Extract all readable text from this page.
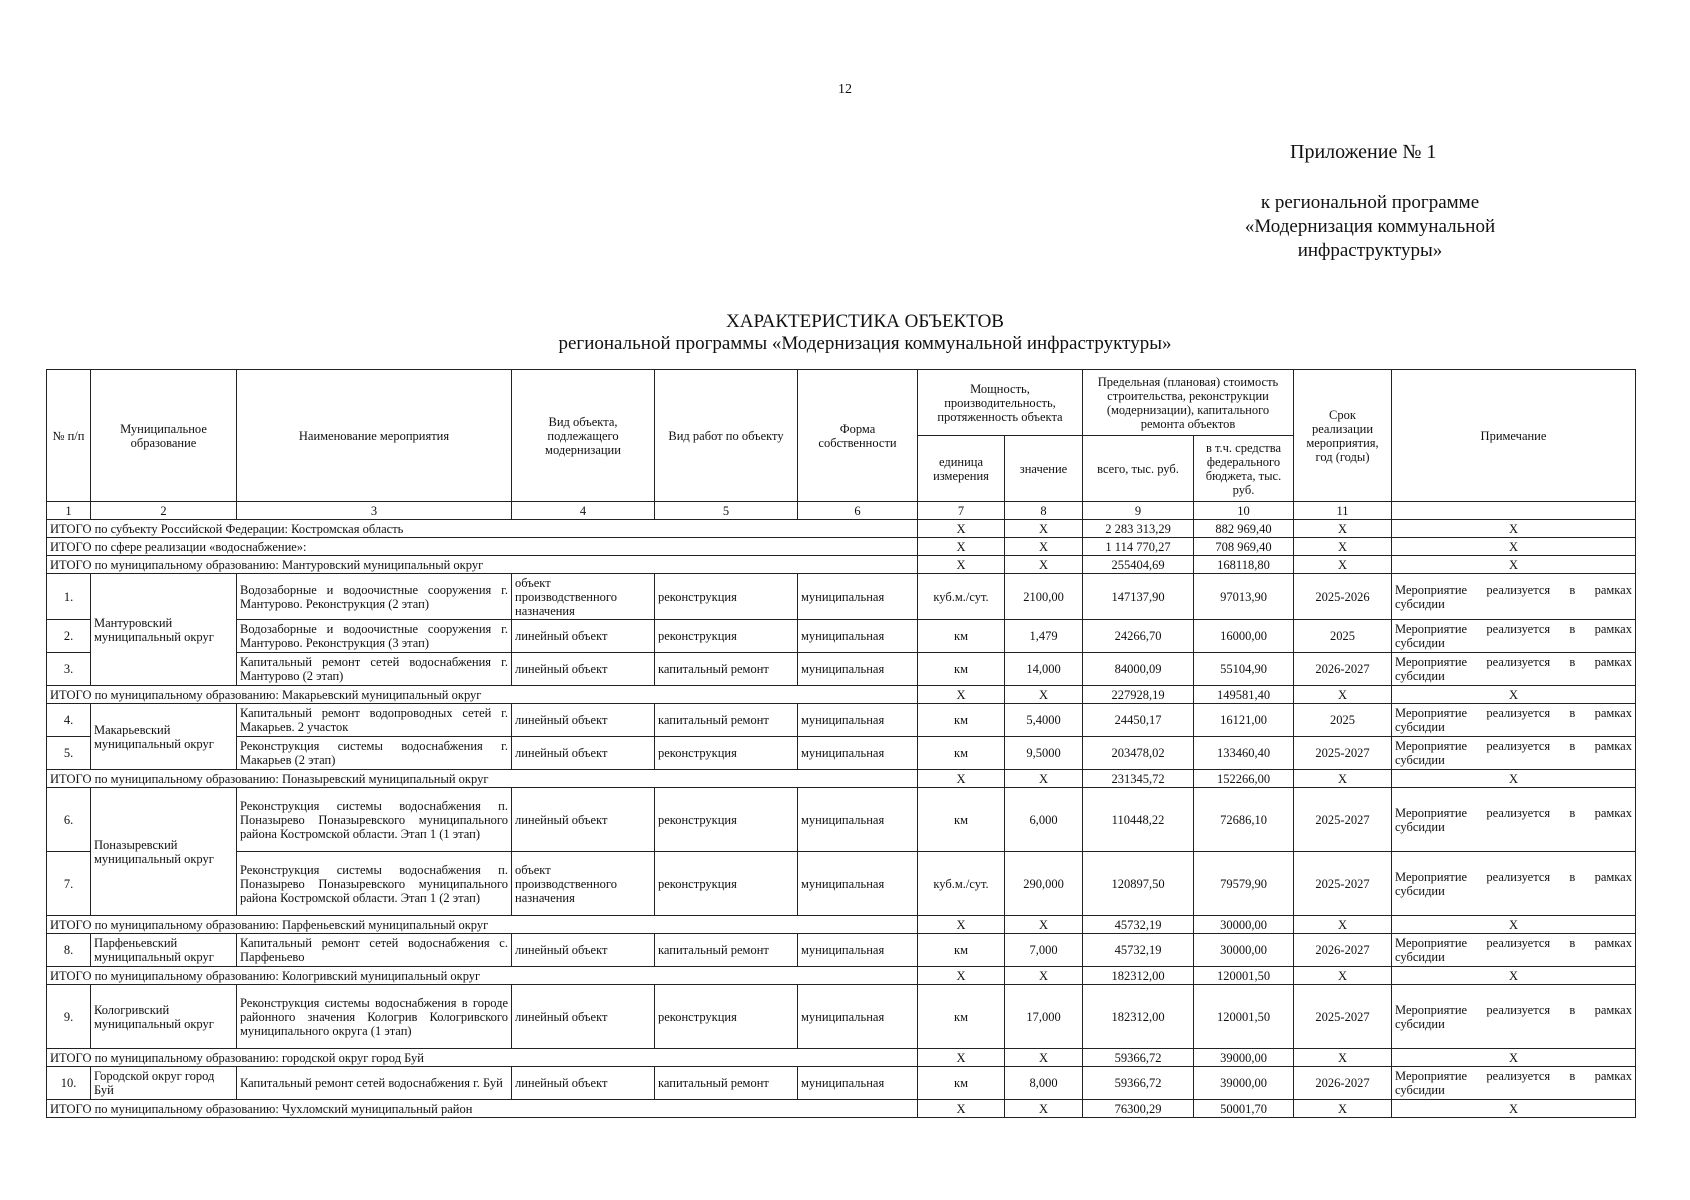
12
Приложение № 1
к региональной программе
«Модернизация коммунальной
инфраструктуры»
ХАРАКТЕРИСТИКА ОБЪЕКТОВ
региональной программы «Модернизация коммунальной инфраструктуры»
№ п/п	Муниципальное образование	Наименование мероприятия	Вид объекта, подлежащего модернизации	Вид работ по объекту	Форма собственности	Мощность, производительность, протяженность объекта		Предельная (плановая) стоимость строительства, реконструкции (модернизации), капитального ремонта объектов		Срок реализации мероприятия, год (годы)	Примечание
						единица измерения	значение	всего, тыс. руб.	в т.ч. средства федерального бюджета, тыс. руб.		
1	2	3	4	5	6	7	8	9	10	11	
ИТОГО по субъекту Российской Федерации: Костромская область						X	X	2 283 313,29	882 969,40	X	X
ИТОГО по сфере реализации «водоснабжение»:						X	X	1 114 770,27	708 969,40	X	X
ИТОГО по муниципальному образованию: Мантуровский муниципальный округ						X	X	255404,69	168118,80	X	X
1.	Мантуровский муниципальный округ	Водозаборные и водоочистные сооружения г. Мантурово. Реконструкция (2 этап)	объект производственного назначения	реконструкция	муниципальная	куб.м./сут.	2100,00	147137,90	97013,90	2025-2026	Мероприятие реализуется в рамках субсидии
2.		Водозаборные и водоочистные сооружения г. Мантурово. Реконструкция (3 этап)	линейный объект	реконструкция	муниципальная	км	1,479	24266,70	16000,00	2025	Мероприятие реализуется в рамках субсидии
3.		Капитальный ремонт сетей водоснабжения г. Мантурово (2 этап)	линейный объект	капитальный ремонт	муниципальная	км	14,000	84000,09	55104,90	2026-2027	Мероприятие реализуется в рамках субсидии
ИТОГО по муниципальному образованию: Макарьевский муниципальный округ						X	X	227928,19	149581,40	X	X
4.	Макарьевский муниципальный округ	Капитальный ремонт водопроводных сетей г. Макарьев. 2 участок	линейный объект	капитальный ремонт	муниципальная	км	5,4000	24450,17	16121,00	2025	Мероприятие реализуется в рамках субсидии
5.		Реконструкция системы водоснабжения г. Макарьев (2 этап)	линейный объект	реконструкция	муниципальная	км	9,5000	203478,02	133460,40	2025-2027	Мероприятие реализуется в рамках субсидии
ИТОГО по муниципальному образованию: Поназыревский муниципальный округ						X	X	231345,72	152266,00	X	X
6.	Поназыревский муниципальный округ	Реконструкция системы водоснабжения п. Поназырево Поназыревского муниципального района Костромской области. Этап 1 (1 этап)	линейный объект	реконструкция	муниципальная	км	6,000	110448,22	72686,10	2025-2027	Мероприятие реализуется в рамках субсидии
7.		Реконструкция системы водоснабжения п. Поназырево Поназыревского муниципального района Костромской области. Этап 1 (2 этап)	объект производственного назначения	реконструкция	муниципальная	куб.м./сут.	290,000	120897,50	79579,90	2025-2027	Мероприятие реализуется в рамках субсидии
ИТОГО по муниципальному образованию: Парфеньевский муниципальный округ						X	X	45732,19	30000,00	X	X
8.	Парфеньевский муниципальный округ	Капитальный ремонт сетей водоснабжения с. Парфеньево	линейный объект	капитальный ремонт	муниципальная	км	7,000	45732,19	30000,00	2026-2027	Мероприятие реализуется в рамках субсидии
ИТОГО по муниципальному образованию: Кологривский муниципальный округ						X	X	182312,00	120001,50	X	X
9.	Кологривский муниципальный округ	Реконструкция системы водоснабжения в городе районного значения Кологрив Кологривского муниципального округа (1 этап)	линейный объект	реконструкция	муниципальная	км	17,000	182312,00	120001,50	2025-2027	Мероприятие реализуется в рамках субсидии
ИТОГО по муниципальному образованию: городской округ город Буй						X	X	59366,72	39000,00	X	X
10.	Городской округ город Буй	Капитальный ремонт сетей водоснабжения г. Буй	линейный объект	капитальный ремонт	муниципальная	км	8,000	59366,72	39000,00	2026-2027	Мероприятие реализуется в рамках субсидии
ИТОГО по муниципальному образованию: Чухломский муниципальный район						X	X	76300,29	50001,70	X	X
